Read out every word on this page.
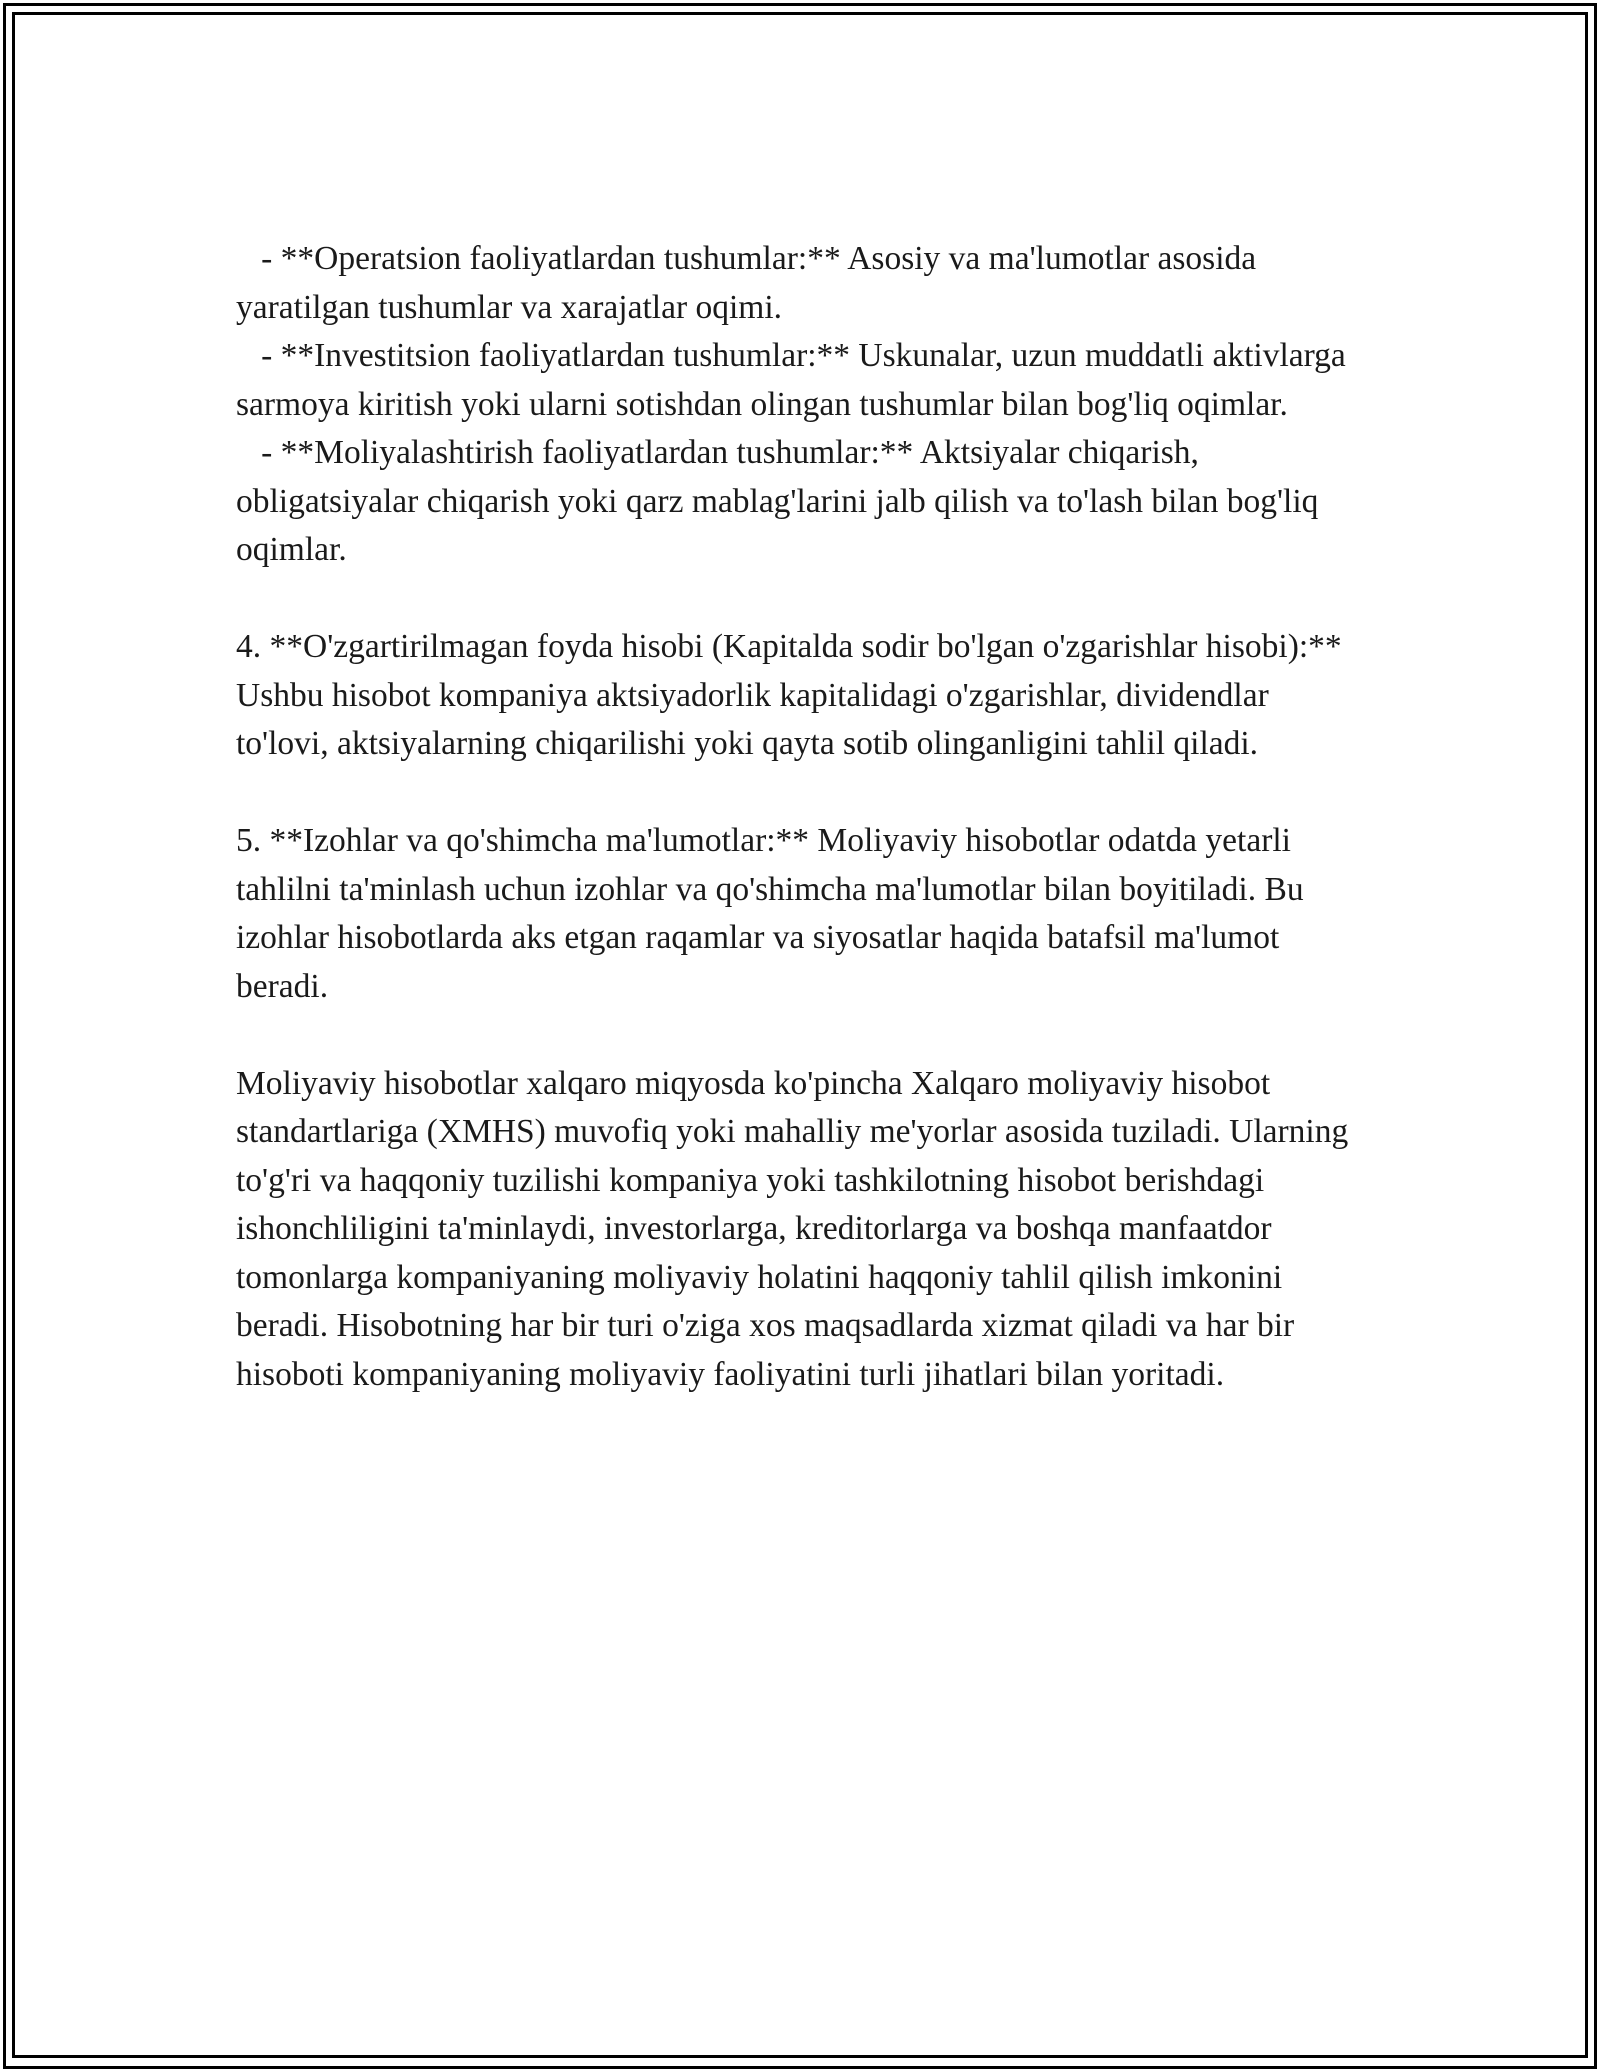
- **Operatsion faoliyatlardan tushumlar:** Asosiy va ma'lumotlar asosida yaratilgan tushumlar va xarajatlar oqimi.

- **Investitsion faoliyatlardan tushumlar:** Uskunalar, uzun muddatli aktivlarga sarmoya kiritish yoki ularni sotishdan olingan tushumlar bilan bog'liq oqimlar.

- **Moliyalashtirish faoliyatlardan tushumlar:** Aktsiyalar chiqarish, obligatsiyalar chiqarish yoki qarz mablag'larini jalb qilish va to'lash bilan bog'liq oqimlar.

4. **O'zgartirilmagan foyda hisobi (Kapitalda sodir bo'lgan o'zgarishlar hisobi):** Ushbu hisobot kompaniya aktsiyadorlik kapitalidagi o'zgarishlar, dividendlar to'lovi, aktsiyalarning chiqarilishi yoki qayta sotib olinganligini tahlil qiladi.

5. **Izohlar va qo'shimcha ma'lumotlar:** Moliyaviy hisobotlar odatda yetarli tahlilni ta'minlash uchun izohlar va qo'shimcha ma'lumotlar bilan boyitiladi. Bu izohlar hisobotlarda aks etgan raqamlar va siyosatlar haqida batafsil ma'lumot beradi.

Moliyaviy hisobotlar xalqaro miqyosda ko'pincha Xalqaro moliyaviy hisobot standartlariga (XMHS) muvofiq yoki mahalliy me'yorlar asosida tuziladi. Ularning to'g'ri va haqqoniy tuzilishi kompaniya yoki tashkilotning hisobot berishdagi ishonchliligini ta'minlaydi, investorlarga, kreditorlarga va boshqa manfaatdor tomonlarga kompaniyaning moliyaviy holatini haqqoniy tahlil qilish imkonini beradi. Hisobotning har bir turi o'ziga xos maqsadlarda xizmat qiladi va har bir hisoboti kompaniyaning moliyaviy faoliyatini turli jihatlari bilan yoritadi.
